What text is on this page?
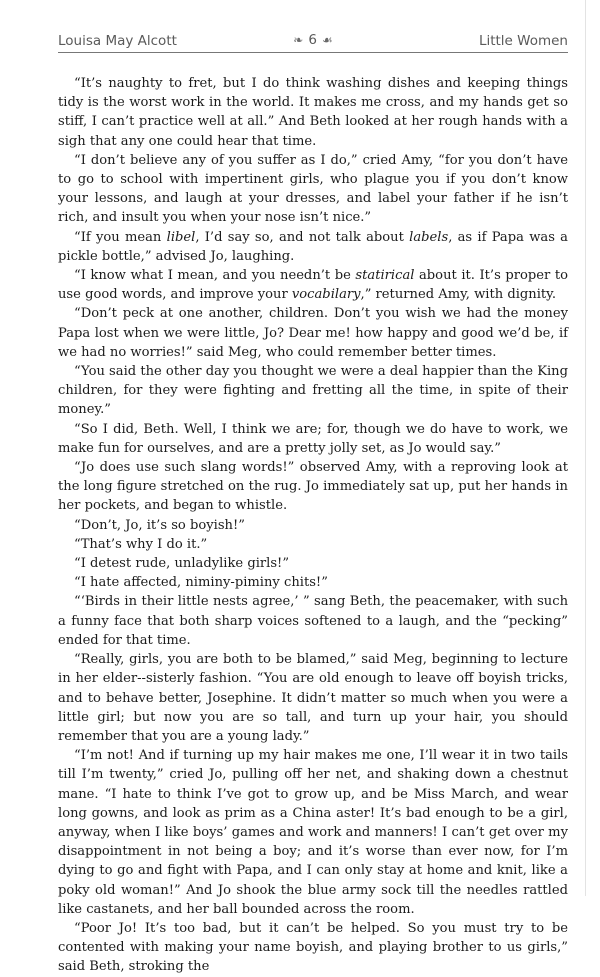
Louisa May Alcott	❧ 6 ☙	Little Women

“It’s naughty to fret, but I do think washing dishes and keeping things tidy is the worst work in the world. It makes me cross, and my hands get so stiff, I can’t practice well at all.” And Beth looked at her rough hands with a sigh that any one could hear that time.

“I don’t believe any of you suffer as I do,” cried Amy, “for you don’t have to go to school with impertinent girls, who plague you if you don’t know your lessons, and laugh at your dresses, and label your father if he isn’t rich, and insult you when your nose isn’t nice.”

“If you mean libel, I’d say so, and not talk about labels, as if Papa was a pickle bottle,” advised Jo, laughing.

“I know what I mean, and you needn’t be statirical about it. It’s proper to use good words, and improve your vocabilary,” returned Amy, with dignity.

“Don’t peck at one another, children. Don’t you wish we had the money Papa lost when we were little, Jo? Dear me! how happy and good we’d be, if we had no worries!” said Meg, who could remember better times.

“You said the other day you thought we were a deal happier than the King children, for they were fighting and fretting all the time, in spite of their money.”

“So I did, Beth. Well, I think we are; for, though we do have to work, we make fun for ourselves, and are a pretty jolly set, as Jo would say.”

“Jo does use such slang words!” observed Amy, with a reproving look at the long figure stretched on the rug. Jo immediately sat up, put her hands in her pockets, and began to whistle.

“Don’t, Jo, it’s so boyish!”

“That’s why I do it.”

“I detest rude, unladylike girls!”

“I hate affected, niminy-piminy chits!”

“‘Birds in their little nests agree,’ ” sang Beth, the peacemaker, with such a funny face that both sharp voices softened to a laugh, and the “pecking” ended for that time.

“Really, girls, you are both to be blamed,” said Meg, beginning to lecture in her elder--sisterly fashion. “You are old enough to leave off boyish tricks, and to behave better, Josephine. It didn’t matter so much when you were a little girl; but now you are so tall, and turn up your hair, you should remember that you are a young lady.”

“I’m not! And if turning up my hair makes me one, I’ll wear it in two tails till I’m twenty,” cried Jo, pulling off her net, and shaking down a chestnut mane. “I hate to think I’ve got to grow up, and be Miss March, and wear long gowns, and look as prim as a China aster! It’s bad enough to be a girl, anyway, when I like boys’ games and work and manners! I can’t get over my disappointment in not being a boy; and it’s worse than ever now, for I’m dying to go and fight with Papa, and I can only stay at home and knit, like a poky old woman!” And Jo shook the blue army sock till the needles rattled like castanets, and her ball bounded across the room.

“Poor Jo! It’s too bad, but it can’t be helped. So you must try to be contented with making your name boyish, and playing brother to us girls,” said Beth, stroking the
